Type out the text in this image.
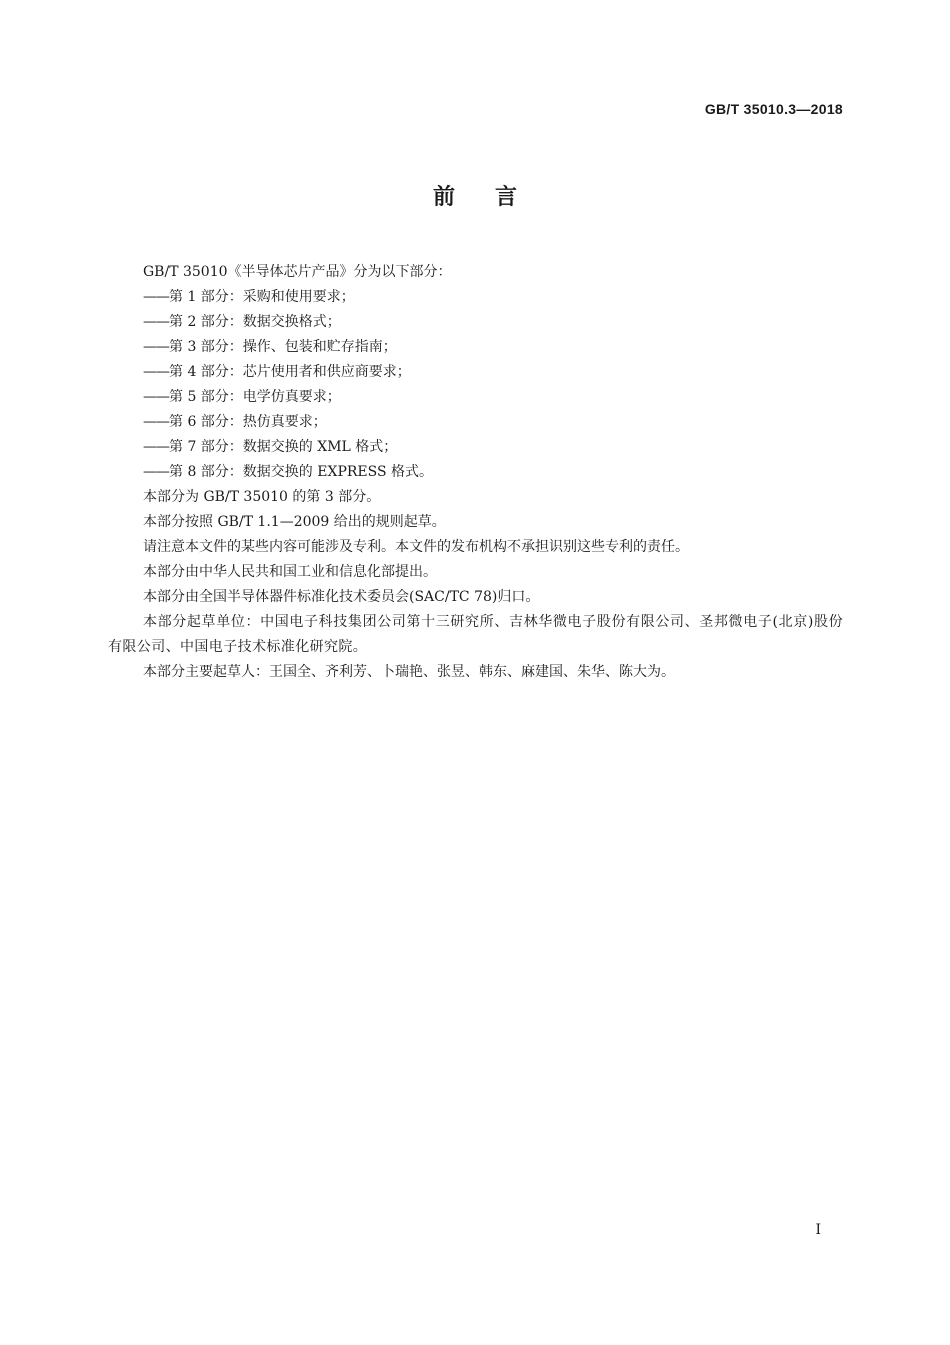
GB/T 35010.3—2018
前言

GB/T 35010《半导体芯片产品》分为以下部分：

——第 1 部分：采购和使用要求；

——第 2 部分：数据交换格式；

——第 3 部分：操作、包装和贮存指南；

——第 4 部分：芯片使用者和供应商要求；

——第 5 部分：电学仿真要求；

——第 6 部分：热仿真要求；

——第 7 部分：数据交换的 XML 格式；

——第 8 部分：数据交换的 EXPRESS 格式。

本部分为 GB/T 35010 的第 3 部分。

本部分按照 GB/T 1.1—2009 给出的规则起草。

请注意本文件的某些内容可能涉及专利。本文件的发布机构不承担识别这些专利的责任。

本部分由中华人民共和国工业和信息化部提出。

本部分由全国半导体器件标准化技术委员会(SAC/TC 78)归口。

本部分起草单位：中国电子科技集团公司第十三研究所、吉林华微电子股份有限公司、圣邦微电子(北京)股份有限公司、中国电子技术标准化研究院。

本部分主要起草人：王国全、齐利芳、卜瑞艳、张昱、韩东、麻建国、朱华、陈大为。

I
